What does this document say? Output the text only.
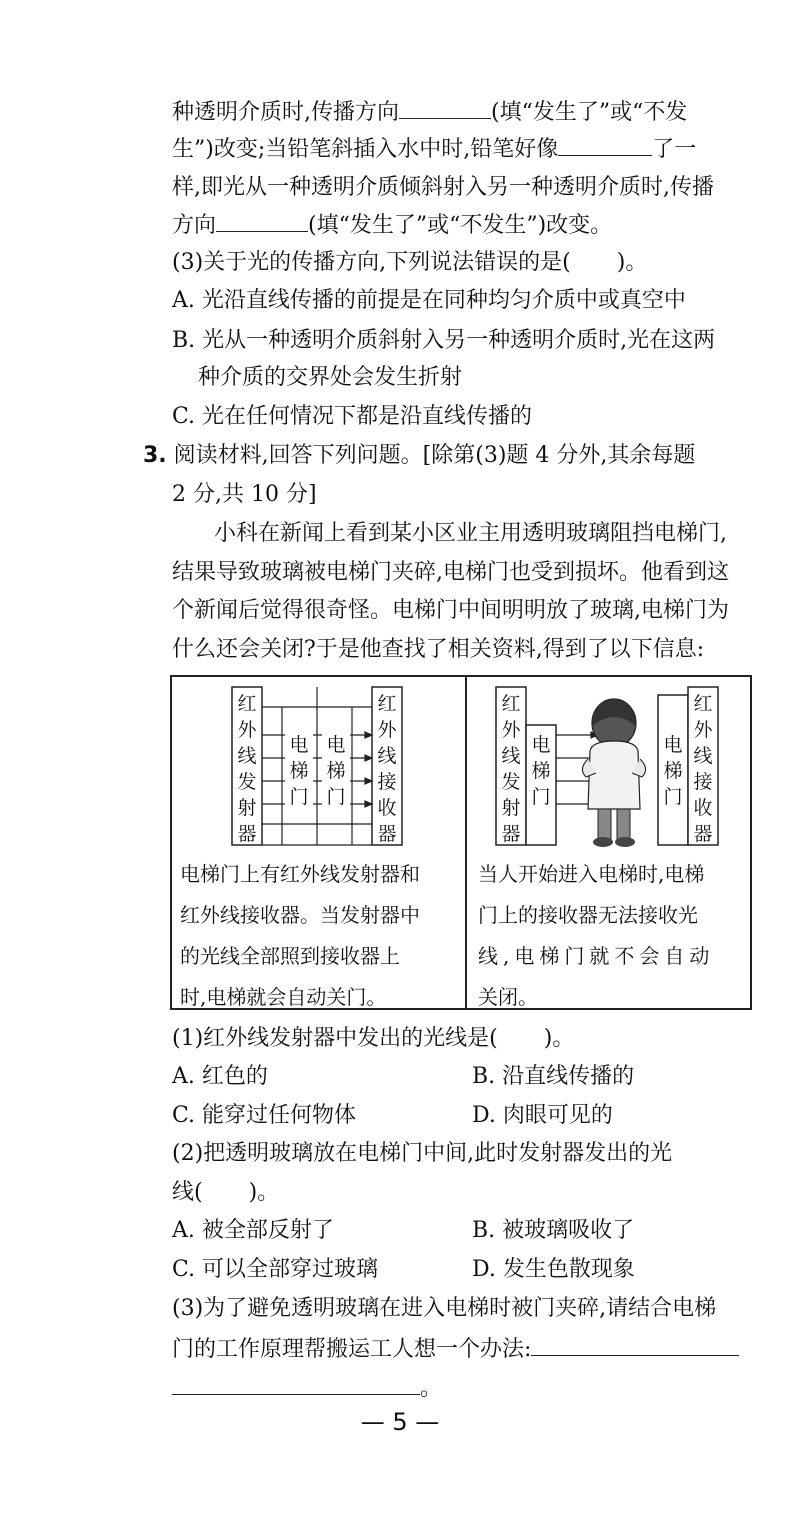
种透明介质时,传播方向	(填“发生了”或“不发
生”)改变;当铅笔斜插入水中时,铅笔好像	了一
样,即光从一种透明介质倾斜射入另一种透明介质时,传播
方向	(填“发生了”或“不发生”)改变。
(3)关于光的传播方向,下列说法错误的是( )。
A. 光沿直线传播的前提是在同种均匀介质中或真空中
B. 光从一种透明介质斜射入另一种透明介质时,光在这两
种介质的交界处会发生折射
C. 光在任何情况下都是沿直线传播的
3. 阅读材料,回答下列问题。[除第(3)题 4 分外,其余每题
2 分,共 10 分]
小科在新闻上看到某小区业主用透明玻璃阻挡电梯门,
结果导致玻璃被电梯门夹碎,电梯门也受到损坏。他看到这
个新闻后觉得很奇怪。电梯门中间明明放了玻璃,电梯门为
什么还会关闭?于是他查找了相关资料,得到了以下信息:
红
外
线
发
射
器
红
外
线
接
收
器
电
梯
门
电
梯
门
红
外
线
发
射
器
电
梯
门
电
梯
门
红
外
线
接
收
器
电梯门上有红外线发射器和
红外线接收器。当发射器中
的光线全部照到接收器上
时,电梯就会自动关门。
当人开始进入电梯时,电梯
门上的接收器无法接收光
线,电梯门就不会自动
关闭。
(1)红外线发射器中发出的光线是( )。
A. 红色的	B. 沿直线传播的
C. 能穿过任何物体	D. 肉眼可见的
(2)把透明玻璃放在电梯门中间,此时发射器发出的光
线( )。
A. 被全部反射了	B. 被玻璃吸收了
C. 可以全部穿过玻璃	D. 发生色散现象
(3)为了避免透明玻璃在进入电梯时被门夹碎,请结合电梯
门的工作原理帮搬运工人想一个办法:
。
— 5 —
